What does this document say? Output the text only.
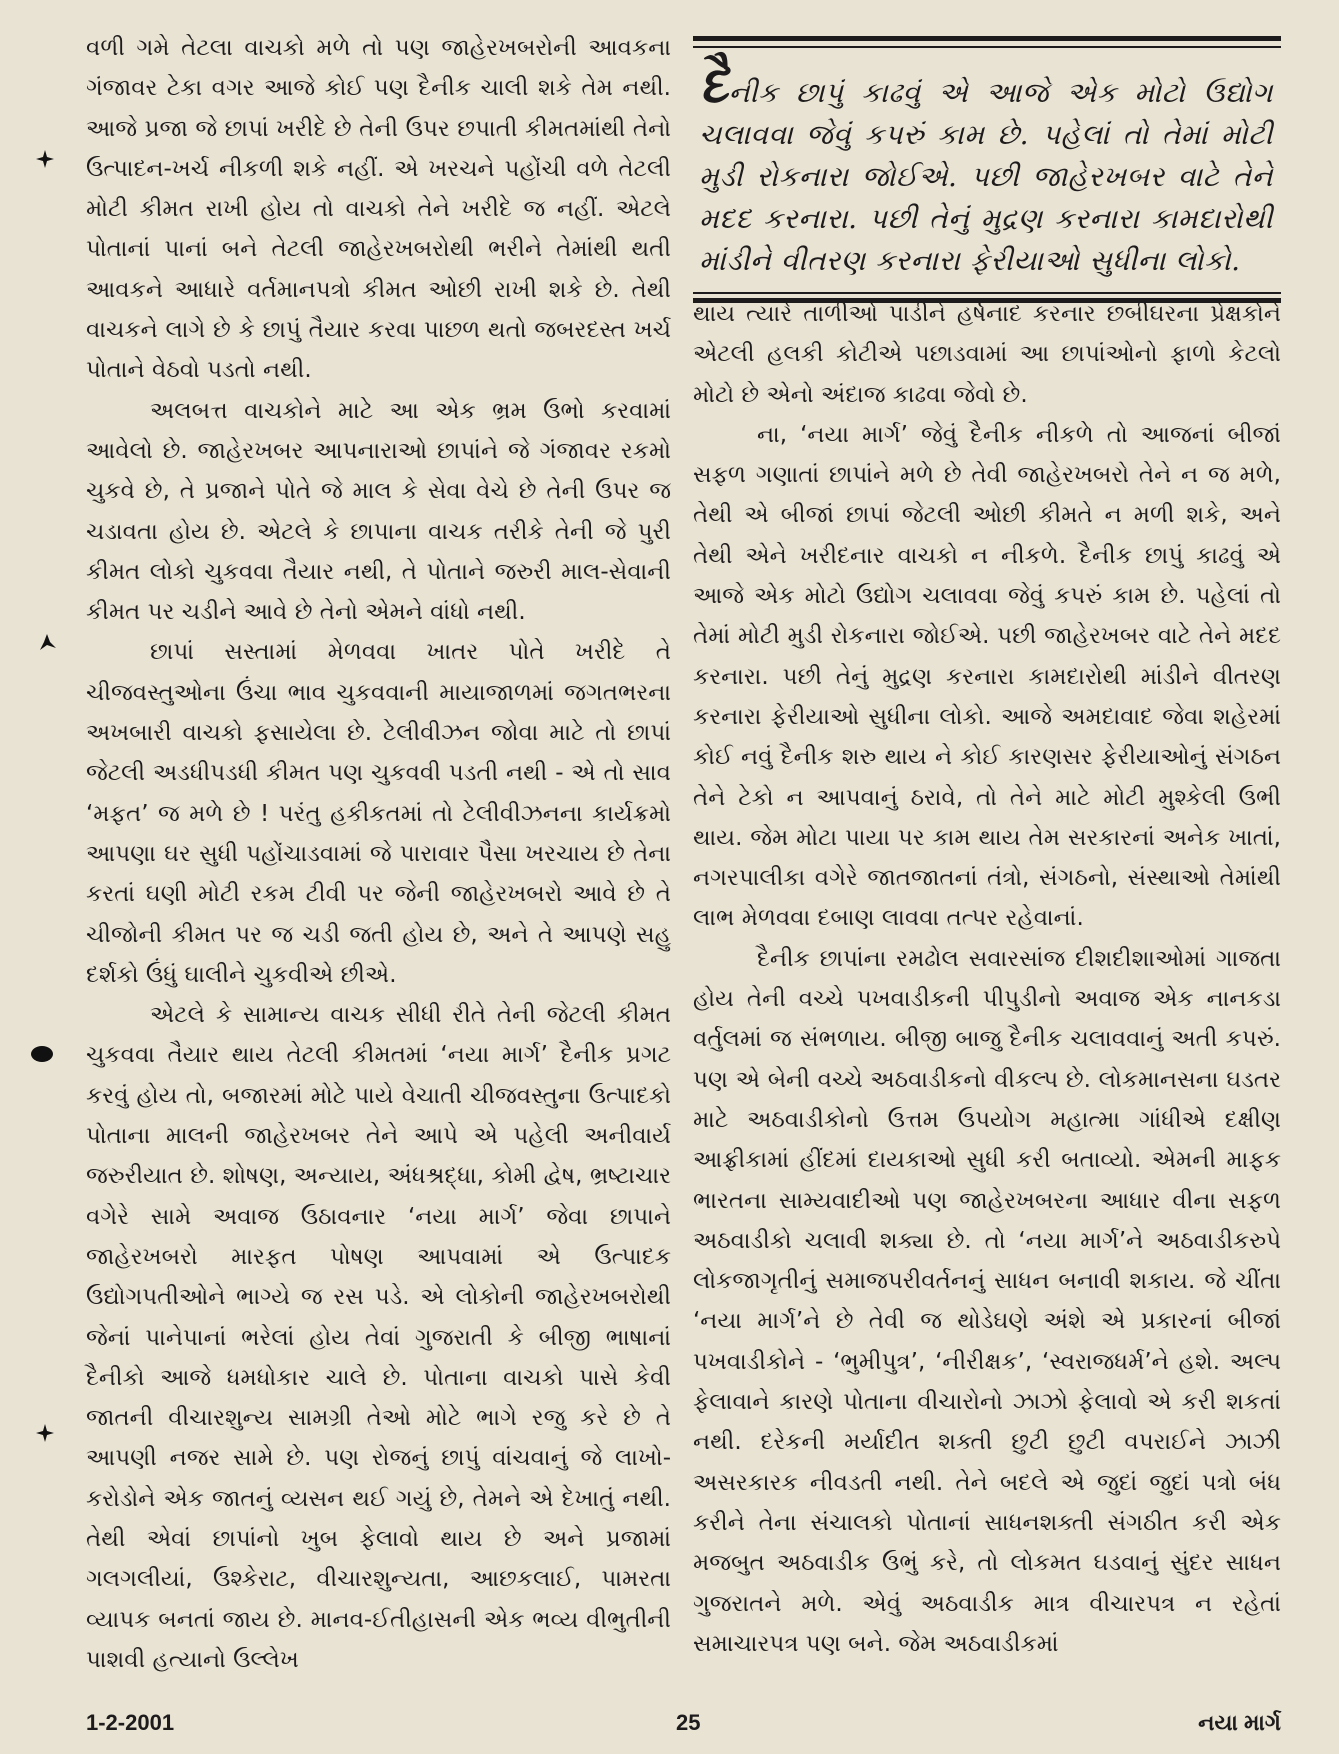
વળી ગમે તેટલા વાચકો મળે તો પણ જાહેરખબરોની આવકના ગંજાવર ટેકા વગર આજે કોઈ પણ દૈનીક ચાલી શકે તેમ નથી. આજે પ્રજા જે છાપાં ખરીદે છે તેની ઉપર છપાતી કીમતમાંથી તેનો ઉત્પાદન-ખર્ચ નીકળી શકે નહીં. એ ખરચને પહોંચી વળે તેટલી મોટી કીમત રાખી હોય તો વાચકો તેને ખરીદે જ નહીં. એટલે પોતાનાં પાનાં બને તેટલી જાહેરખબરોથી ભરીને તેમાંથી થતી આવકને આધારે વર્તમાનપત્રો કીમત ઓછી રાખી શકે છે. તેથી વાચકને લાગે છે કે છાપું તૈયાર કરવા પાછળ થતો જબરદસ્ત ખર્ચ પોતાને વેઠવો પડતો નથી.

અલબત્ત વાચકોને માટે આ એક ભ્રમ ઉભો કરવામાં આવેલો છે. જાહેરખબર આપનારાઓ છાપાંને જે ગંજાવર રકમો ચુકવે છે, તે પ્રજાને પોતે જે માલ કે સેવા વેચે છે તેની ઉપર જ ચડાવતા હોય છે. એટલે કે છાપાના વાચક તરીકે તેની જે પુરી કીમત લોકો ચુકવવા તૈયાર નથી, તે પોતાને જરુરી માલ-સેવાની કીમત પર ચડીને આવે છે તેનો એમને વાંધો નથી.

છાપાં સસ્તામાં મેળવવા ખાતર પોતે ખરીદે તે ચીજવસ્તુઓના ઉંચા ભાવ ચુકવવાની માયાજાળમાં જગતભરના અખબારી વાચકો ફસાયેલા છે. ટેલીવીઝન જોવા માટે તો છાપાં જેટલી અડધીપડધી કીમત પણ ચુકવવી પડતી નથી - એ તો સાવ ‘મફત’ જ મળે છે ! પરંતુ હકીકતમાં તો ટેલીવીઝનના કાર્યક્રમો આપણા ઘર સુધી પહોંચાડવામાં જે પારાવાર પૈસા ખરચાય છે તેના કરતાં ઘણી મોટી રકમ ટીવી પર જેની જાહેરખબરો આવે છે તે ચીજોની કીમત પર જ ચડી જતી હોય છે, અને તે આપણે સહુ દર્શકો ઉંધું ઘાલીને ચુકવીએ છીએ.

એટલે કે સામાન્ય વાચક સીધી રીતે તેની જેટલી કીમત ચુકવવા તૈયાર થાય તેટલી કીમતમાં ‘નયા માર્ગ’ દૈનીક પ્રગટ કરવું હોય તો, બજારમાં મોટે પાયે વેચાતી ચીજવસ્તુના ઉત્પાદકો પોતાના માલની જાહેરખબર તેને આપે એ પહેલી અનીવાર્ય જરુરીયાત છે. શોષણ, અન્યાય, અંધશ્રદ્ધા, કોમી દ્વેષ, ભ્રષ્ટાચાર વગેરે સામે અવાજ ઉઠાવનાર ‘નયા માર્ગ’ જેવા છાપાને જાહેરખબરો મારફત પોષણ આપવામાં એ ઉત્પાદક ઉદ્યોગપતીઓને ભાગ્યે જ રસ પડે. એ લોકોની જાહેરખબરોથી જેનાં પાનેપાનાં ભરેલાં હોય તેવાં ગુજરાતી કે બીજી ભાષાનાં દૈનીકો આજે ધમધોકાર ચાલે છે. પોતાના વાચકો પાસે કેવી જાતની વીચારશુન્ય સામગ્રી તેઓ મોટે ભાગે રજુ કરે છે તે આપણી નજર સામે છે. પણ રોજનું છાપું વાંચવાનું જે લાખો-કરોડોને એક જાતનું વ્યસન થઈ ગયું છે, તેમને એ દેખાતું નથી. તેથી એવાં છાપાંનો ખુબ ફેલાવો થાય છે અને પ્રજામાં ગલગલીયાં, ઉશ્કેરાટ, વીચારશુન્યતા, આછકલાઈ, પામરતા વ્યાપક બનતાં જાય છે. માનવ-ઈતીહાસની એક ભવ્ય વીભુતીની પાશવી હત્યાનો ઉલ્લેખ

દૈનીક છાપું કાઢવું એ આજે એક મોટો ઉદ્યોગ ચલાવવા જેવું કપરું કામ છે. પહેલાં તો તેમાં મોટી મુડી રોકનારા જોઈએ. પછી જાહેરખબર વાટે તેને મદદ કરનારા. પછી તેનું મુદ્રણ કરનારા કામદારોથી માંડીને વીતરણ કરનારા ફેરીયાઓ સુધીના લોકો.

થાય ત્યારે તાળીઓ પાડીને હર્ષનાદ કરનાર છબીઘરના પ્રેક્ષકોને એટલી હલકી કોટીએ પછાડવામાં આ છાપાંઓનો ફાળો કેટલો મોટો છે એનો અંદાજ કાઢવા જેવો છે.

ના, ‘નયા માર્ગ’ જેવું દૈનીક નીકળે તો આજનાં બીજાં સફળ ગણાતાં છાપાંને મળે છે તેવી જાહેરખબરો તેને ન જ મળે, તેથી એ બીજાં છાપાં જેટલી ઓછી કીમતે ન મળી શકે, અને તેથી એને ખરીદનાર વાચકો ન નીકળે. દૈનીક છાપું કાઢવું એ આજે એક મોટો ઉદ્યોગ ચલાવવા જેવું કપરું કામ છે. પહેલાં તો તેમાં મોટી મુડી રોકનારા જોઈએ. પછી જાહેરખબર વાટે તેને મદદ કરનારા. પછી તેનું મુદ્રણ કરનારા કામદારોથી માંડીને વીતરણ કરનારા ફેરીયાઓ સુધીના લોકો. આજે અમદાવાદ જેવા શહેરમાં કોઈ નવું દૈનીક શરુ થાય ને કોઈ કારણસર ફેરીયાઓનું સંગઠન તેને ટેકો ન આપવાનું ઠરાવે, તો તેને માટે મોટી મુશ્કેલી ઉભી થાય. જેમ મોટા પાયા પર કામ થાય તેમ સરકારનાં અનેક ખાતાં, નગરપાલીકા વગેરે જાતજાતનાં તંત્રો, સંગઠનો, સંસ્થાઓ તેમાંથી લાભ મેળવવા દબાણ લાવવા તત્પર રહેવાનાં.

દૈનીક છાપાંના રમઢોલ સવારસાંજ દીશદીશાઓમાં ગાજતા હોય તેની વચ્ચે પખવાડીકની પીપુડીનો અવાજ એક નાનકડા વર્તુલમાં જ સંભળાય. બીજી બાજુ દૈનીક ચલાવવાનું અતી કપરું. પણ એ બેની વચ્ચે અઠવાડીકનો વીકલ્પ છે. લોકમાનસના ઘડતર માટે અઠવાડીકોનો ઉત્તમ ઉપયોગ મહાત્મા ગાંધીએ દક્ષીણ આફ્રીકામાં હીંદમાં દાયકાઓ સુધી કરી બતાવ્યો. એમની માફક ભારતના સામ્યવાદીઓ પણ જાહેરખબરના આધાર વીના સફળ અઠવાડીકો ચલાવી શક્યા છે. તો ‘નયા માર્ગ’ને અઠવાડીકરુપે લોકજાગૃતીનું સમાજપરીવર્તનનું સાધન બનાવી શકાય. જે ચીંતા ‘નયા માર્ગ’ને છે તેવી જ થોડેઘણે અંશે એ પ્રકારનાં બીજાં પખવાડીકોને - ‘ભુમીપુત્ર’, ‘નીરીક્ષક’, ‘સ્વરાજધર્મ’ને હશે. અલ્પ ફેલાવાને કારણે પોતાના વીચારોનો ઝાઝો ફેલાવો એ કરી શકતાં નથી. દરેકની મર્યાદીત શક્તી છુટી છુટી વપરાઈને ઝાઝી અસરકારક નીવડતી નથી. તેને બદલે એ જુદાં જુદાં પત્રો બંધ કરીને તેના સંચાલકો પોતાનાં સાધનશક્તી સંગઠીત કરી એક મજબુત અઠવાડીક ઉભું કરે, તો લોકમત ઘડવાનું સુંદર સાધન ગુજરાતને મળે. એવું અઠવાડીક માત્ર વીચારપત્ર ન રહેતાં સમાચારપત્ર પણ બને. જેમ અઠવાડીકમાં

1-2-2001	25	નયા માર્ગ
